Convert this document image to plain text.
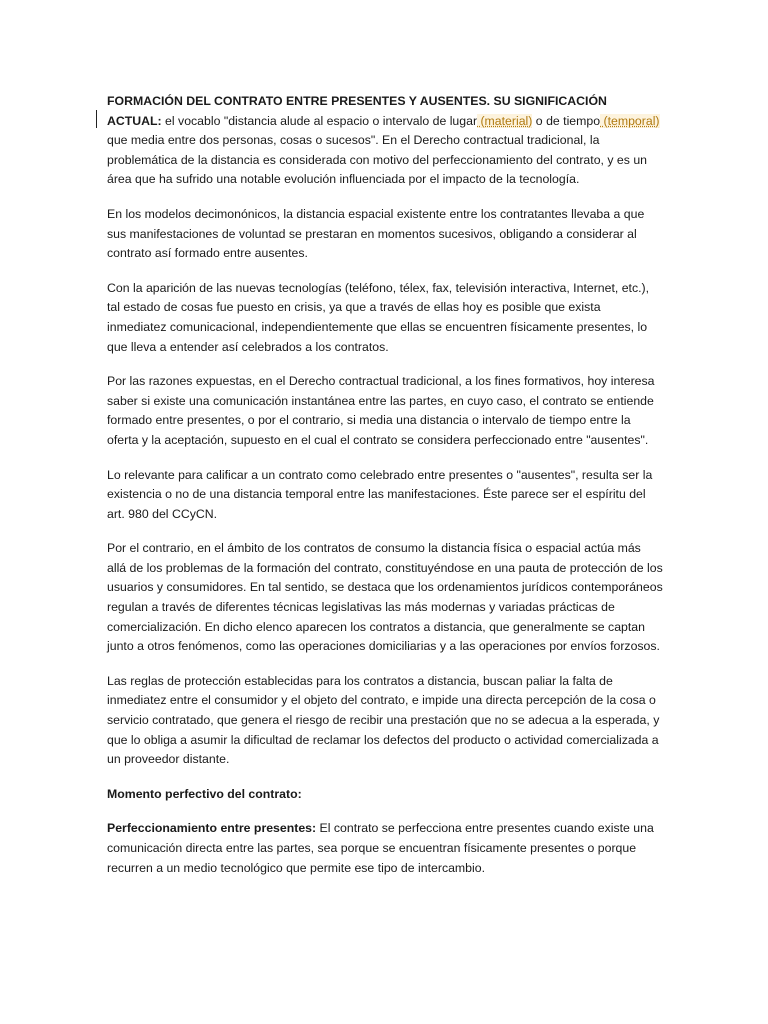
FORMACIÓN DEL CONTRATO ENTRE PRESENTES Y AUSENTES. SU SIGNIFICACIÓN ACTUAL: el vocablo "distancia alude al espacio o intervalo de lugar (material) o de tiempo (temporal) que media entre dos personas, cosas o sucesos". En el Derecho contractual tradicional, la problemática de la distancia es considerada con motivo del perfeccionamiento del contrato, y es un área que ha sufrido una notable evolución influenciada por el impacto de la tecnología.

En los modelos decimonónicos, la distancia espacial existente entre los contratantes llevaba a que sus manifestaciones de voluntad se prestaran en momentos sucesivos, obligando a considerar al contrato así formado entre ausentes.

Con la aparición de las nuevas tecnologías (teléfono, télex, fax, televisión interactiva, Internet, etc.), tal estado de cosas fue puesto en crisis, ya que a través de ellas hoy es posible que exista inmediatez comunicacional, independientemente que ellas se encuentren físicamente presentes, lo que lleva a entender así celebrados a los contratos.

Por las razones expuestas, en el Derecho contractual tradicional, a los fines formativos, hoy interesa saber si existe una comunicación instantánea entre las partes, en cuyo caso, el contrato se entiende formado entre presentes, o por el contrario, si media una distancia o intervalo de tiempo entre la oferta y la aceptación, supuesto en el cual el contrato se considera perfeccionado entre "ausentes".

Lo relevante para calificar a un contrato como celebrado entre presentes o "ausentes", resulta ser la existencia o no de una distancia temporal entre las manifestaciones. Éste parece ser el espíritu del art. 980 del CCyCN.

Por el contrario, en el ámbito de los contratos de consumo la distancia física o espacial actúa más allá de los problemas de la formación del contrato, constituyéndose en una pauta de protección de los usuarios y consumidores. En tal sentido, se destaca que los ordenamientos jurídicos contemporáneos regulan a través de diferentes técnicas legislativas las más modernas y variadas prácticas de comercialización. En dicho elenco aparecen los contratos a distancia, que generalmente se captan junto a otros fenómenos, como las operaciones domiciliarias y a las operaciones por envíos forzosos.

Las reglas de protección establecidas para los contratos a distancia, buscan paliar la falta de inmediatez entre el consumidor y el objeto del contrato, e impide una directa percepción de la cosa o servicio contratado, que genera el riesgo de recibir una prestación que no se adecua a la esperada, y que lo obliga a asumir la dificultad de reclamar los defectos del producto o actividad comercializada a un proveedor distante.

Momento perfectivo del contrato:

Perfeccionamiento entre presentes: El contrato se perfecciona entre presentes cuando existe una comunicación directa entre las partes, sea porque se encuentran físicamente presentes o porque recurren a un medio tecnológico que permite ese tipo de intercambio.
